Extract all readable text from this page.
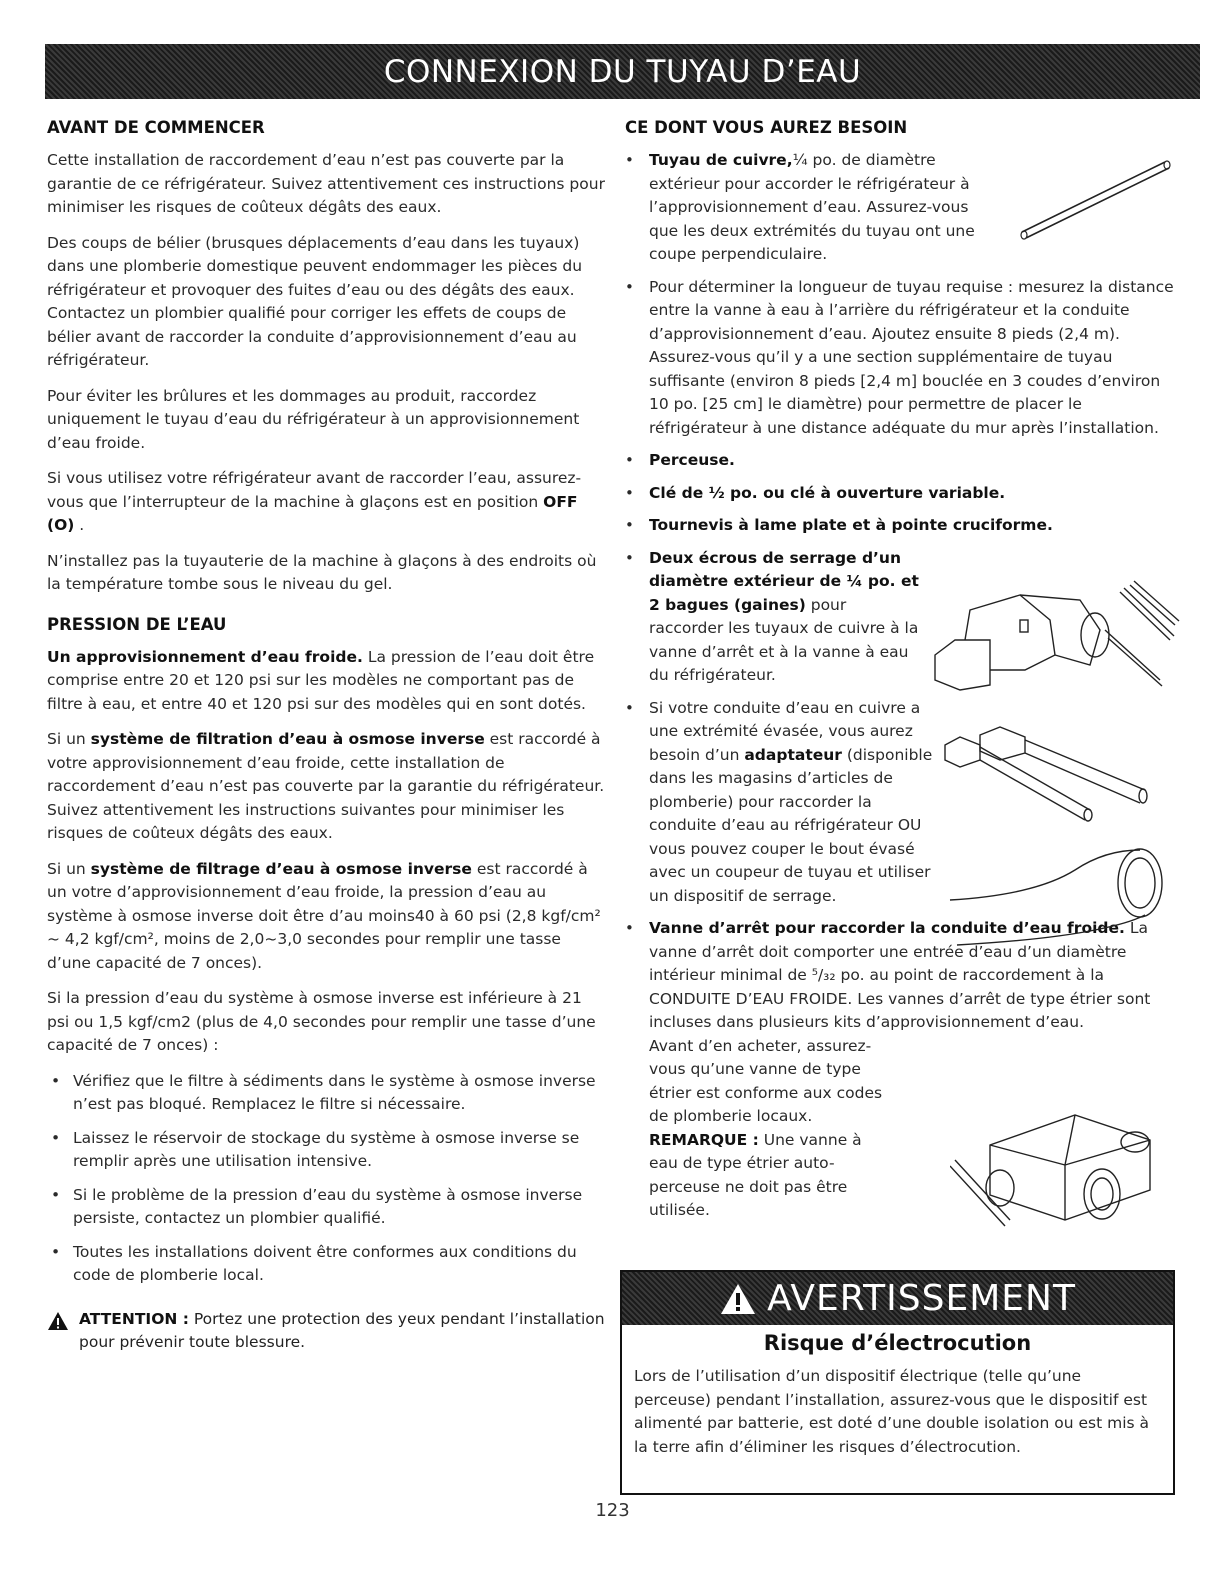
CONNEXION DU TUYAU D’EAU
AVANT DE COMMENCER

Cette installation de raccordement d’eau n’est pas couverte par la garantie de ce réfrigérateur. Suivez attentivement ces instructions pour minimiser les risques de coûteux dégâts des eaux.

Des coups de bélier (brusques déplacements d’eau dans les tuyaux) dans une plomberie domestique peuvent endommager les pièces du réfrigérateur et provoquer des fuites d’eau ou des dégâts des eaux. Contactez un plombier qualifié pour corriger les effets de coups de bélier avant de raccorder la conduite d’approvisionnement d’eau au réfrigérateur.

Pour éviter les brûlures et les dommages au produit, raccordez uniquement le tuyau d’eau du réfrigérateur à un approvisionnement d’eau froide.

Si vous utilisez votre réfrigérateur avant de raccorder l’eau, assurez-vous que l’interrupteur de la machine à glaçons est en position OFF (O) .

N’installez pas la tuyauterie de la machine à glaçons à des endroits où la température tombe sous le niveau du gel.

PRESSION DE L’EAU

Un approvisionnement d’eau froide. La pression de l’eau doit être comprise entre 20 et 120 psi sur les modèles ne comportant pas de filtre à eau, et entre 40 et 120 psi sur des modèles qui en sont dotés.

Si un système de filtration d’eau à osmose inverse est raccordé à votre approvisionnement d’eau froide, cette installation de raccordement d’eau n’est pas couverte par la garantie du réfrigérateur. Suivez attentivement les instructions suivantes pour minimiser les risques de coûteux dégâts des eaux.

Si un système de filtrage d’eau à osmose inverse est raccordé à un votre d’approvisionnement d’eau froide, la pression d’eau au système à osmose inverse doit être d’au moins40 à 60 psi (2,8 kgf/cm² ~ 4,2 kgf/cm², moins de 2,0~3,0 secondes pour remplir une tasse d’une capacité de 7 onces).

Si la pression d’eau du système à osmose inverse est inférieure à 21 psi ou 1,5 kgf/cm2 (plus de 4,0 secondes pour remplir une tasse d’une capacité de 7 onces) :

• Vérifiez que le filtre à sédiments dans le système à osmose inverse n’est pas bloqué. Remplacez le filtre si nécessaire.
• Laissez le réservoir de stockage du système à osmose inverse se remplir après une utilisation intensive.
• Si le problème de la pression d’eau du système à osmose inverse persiste, contactez un plombier qualifié.
• Toutes les installations doivent être conformes aux conditions du code de plomberie local.
ATTENTION : Portez une protection des yeux pendant l’installation pour prévenir toute blessure.
CE DONT VOUS AUREZ BESOIN
• Tuyau de cuivre,¼ po. de diamètre extérieur pour accorder le réfrigérateur à l’approvisionnement d’eau. Assurez-vous que les deux extrémités du tuyau ont une coupe perpendiculaire.
• Pour déterminer la longueur de tuyau requise : mesurez la distance entre la vanne à eau à l’arrière du réfrigérateur et la conduite d’approvisionnement d’eau. Ajoutez ensuite 8 pieds (2,4 m). Assurez-vous qu’il y a une section supplémentaire de tuyau suffisante (environ 8 pieds [2,4 m] bouclée en 3 coudes d’environ 10 po. [25 cm] le diamètre) pour permettre de placer le réfrigérateur à une distance adéquate du mur après l’installation.
• Perceuse.
• Clé de ½ po. ou clé à ouverture variable.
• Tournevis à lame plate et à pointe cruciforme.
• Deux écrous de serrage d’un diamètre extérieur de ¼ po. et 2 bagues (gaines) pour raccorder les tuyaux de cuivre à la vanne d’arrêt et à la vanne à eau du réfrigérateur.
• Si votre conduite d’eau en cuivre a une extrémité évasée, vous aurez besoin d’un adaptateur (disponible dans les magasins d’articles de plomberie) pour raccorder la conduite d’eau au réfrigérateur OU vous pouvez couper le bout évasé avec un coupeur de tuyau et utiliser un dispositif de serrage.
• Vanne d’arrêt pour raccorder la conduite d’eau froide. La vanne d’arrêt doit comporter une entrée d’eau d’un diamètre intérieur minimal de ⁵/₃₂ po. au point de raccordement à la CONDUITE D’EAU FROIDE. Les vannes d’arrêt de type étrier sont incluses dans plusieurs kits d’approvisionnement d’eau.
Avant d’en acheter, assurez-vous qu’une vanne de type étrier est conforme aux codes de plomberie locaux.
REMARQUE : Une vanne à eau de type étrier auto-perceuse ne doit pas être utilisée.
AVERTISSEMENT
Risque d’électrocution

Lors de l’utilisation d’un dispositif électrique (telle qu’une perceuse) pendant l’installation, assurez-vous que le dispositif est alimenté par batterie, est doté d’une double isolation ou est mis à la terre afin d’éliminer les risques d’électrocution.

123
